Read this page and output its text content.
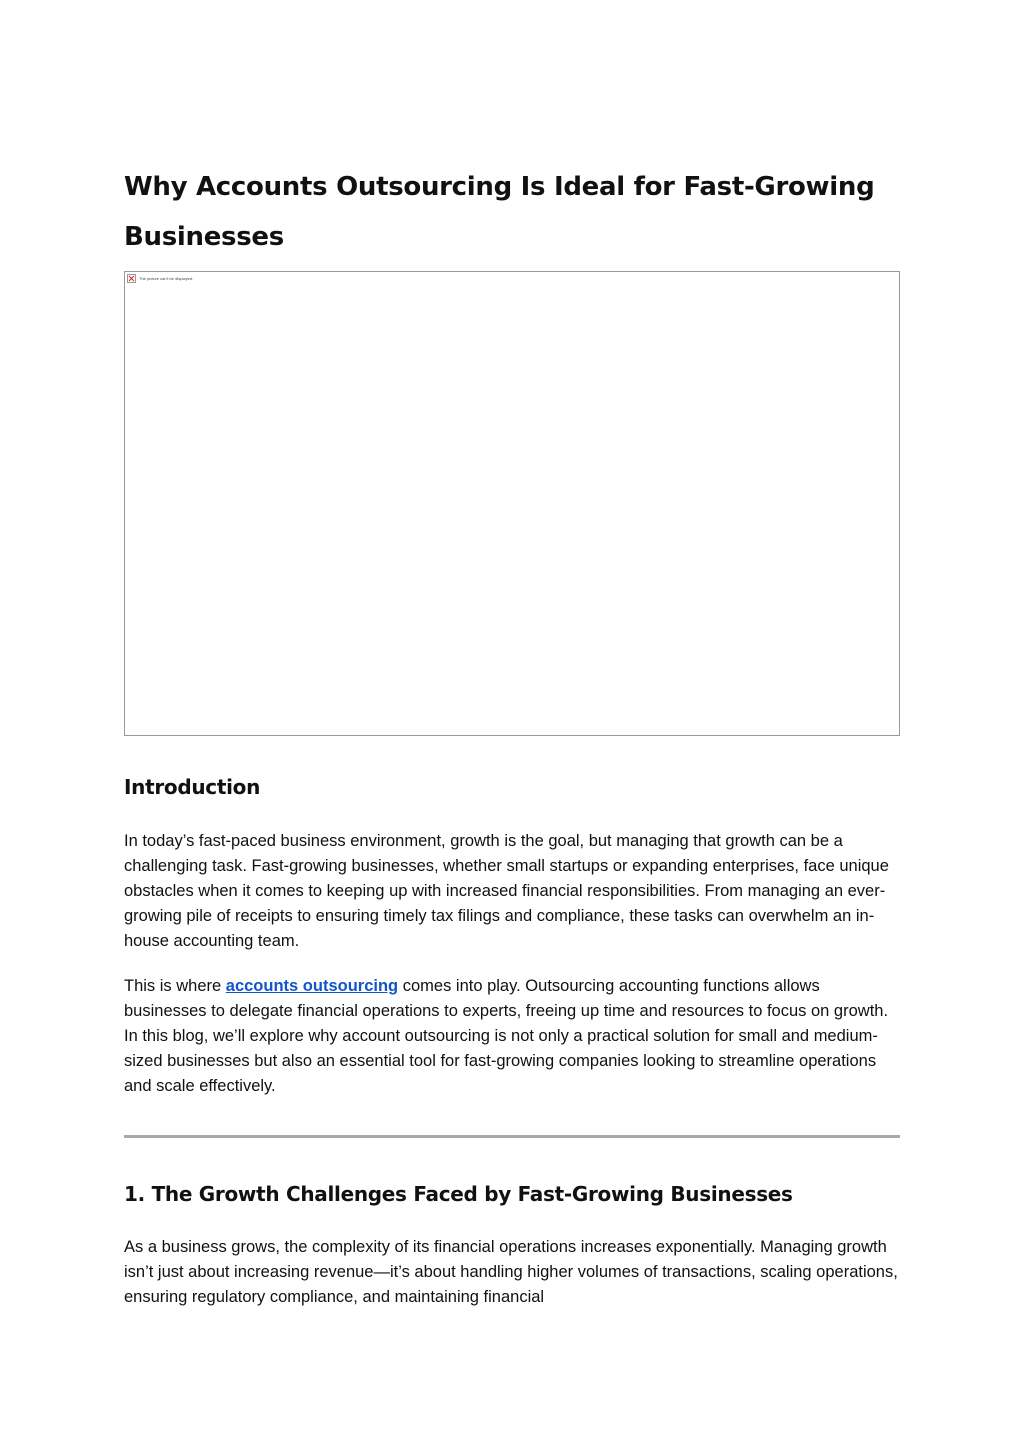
Why Accounts Outsourcing Is Ideal for Fast-Growing Businesses
The picture can't be displayed.
Introduction

In today’s fast-paced business environment, growth is the goal, but managing that growth can be a challenging task. Fast-growing businesses, whether small startups or expanding enterprises, face unique obstacles when it comes to keeping up with increased financial responsibilities. From managing an ever-growing pile of receipts to ensuring timely tax filings and compliance, these tasks can overwhelm an in-house accounting team.

This is where accounts outsourcing comes into play. Outsourcing accounting functions allows businesses to delegate financial operations to experts, freeing up time and resources to focus on growth. In this blog, we’ll explore why account outsourcing is not only a practical solution for small and medium-sized businesses but also an essential tool for fast-growing companies looking to streamline operations and scale effectively.

1. The Growth Challenges Faced by Fast-Growing Businesses

As a business grows, the complexity of its financial operations increases exponentially. Managing growth isn’t just about increasing revenue—it’s about handling higher volumes of transactions, scaling operations, ensuring regulatory compliance, and maintaining financial
